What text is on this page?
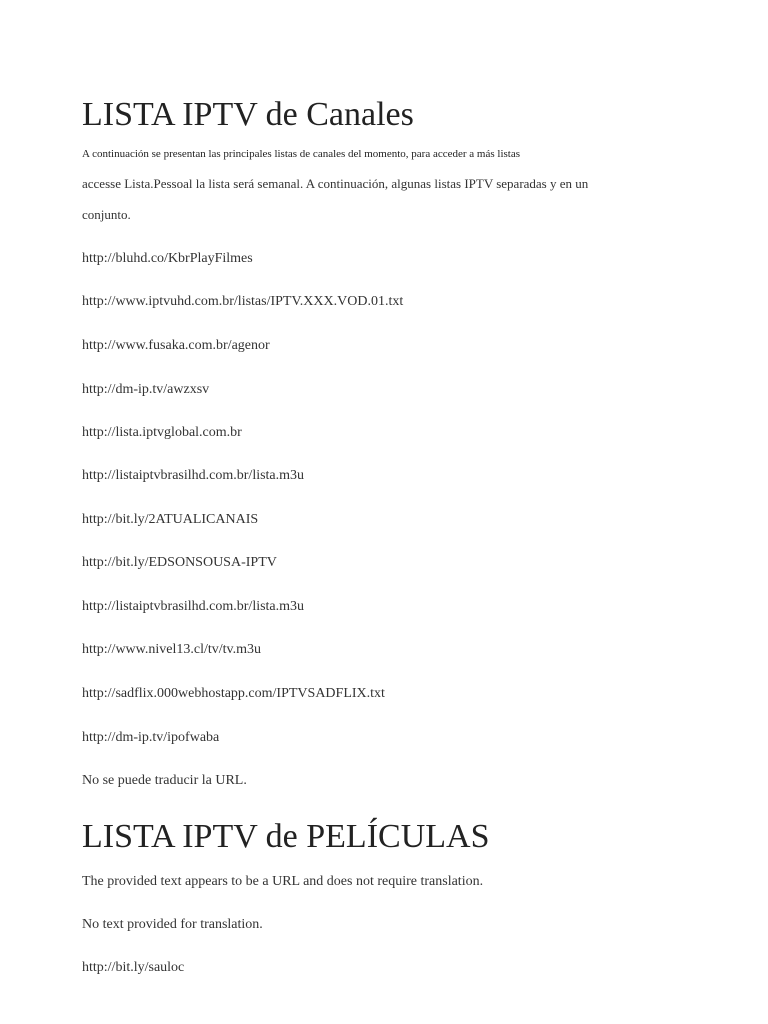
LISTA IPTV de Canales
A continuación se presentan las principales listas de canales del momento, para acceder a más listas
accesse Lista.Pessoal la lista será semanal. A continuación, algunas listas IPTV separadas y en un
conjunto.
http://bluhd.co/KbrPlayFilmes
http://www.iptvuhd.com.br/listas/IPTV.XXX.VOD.01.txt
http://www.fusaka.com.br/agenor
http://dm-ip.tv/awzxsv
http://lista.iptvglobal.com.br
http://listaiptvbrasilhd.com.br/lista.m3u
http://bit.ly/2ATUALICANAIS
http://bit.ly/EDSONSOUSA-IPTV
http://listaiptvbrasilhd.com.br/lista.m3u
http://www.nivel13.cl/tv/tv.m3u
http://sadflix.000webhostapp.com/IPTVSADFLIX.txt
http://dm-ip.tv/ipofwaba
No se puede traducir la URL.
LISTA IPTV de PELÍCULAS
The provided text appears to be a URL and does not require translation.
No text provided for translation.
http://bit.ly/sauloc
